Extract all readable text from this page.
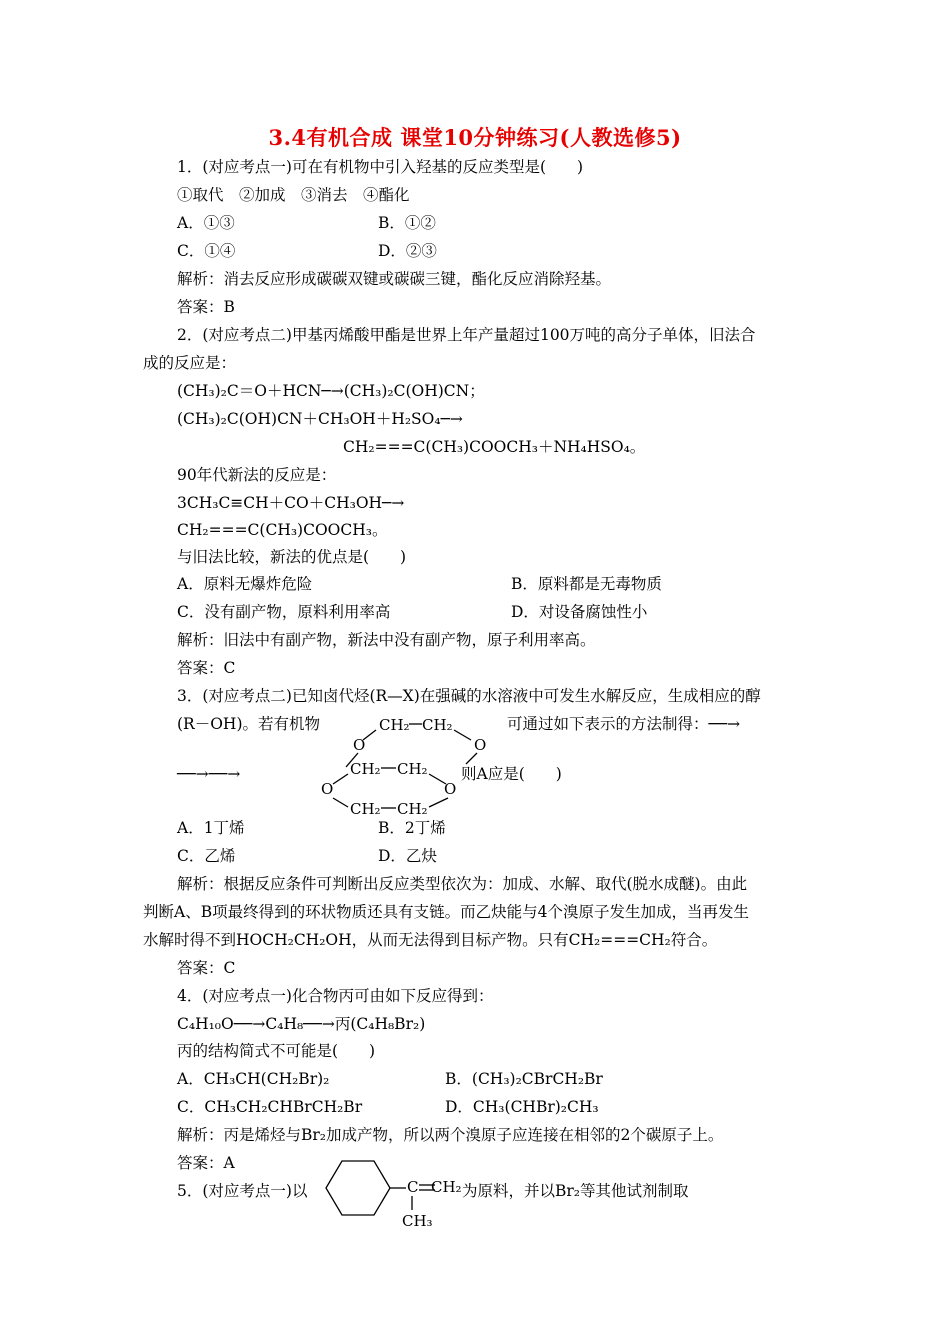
3.4有机合成 课堂10分钟练习(人教选修5)
1．(对应考点一)可在有机物中引入羟基的反应类型是(　　)
①取代　②加成　③消去　④酯化
A．①③	B．①②
C．①④	D．②③
解析：消去反应形成碳碳双键或碳碳三键，酯化反应消除羟基。
答案：B
2．(对应考点二)甲基丙烯酸甲酯是世界上年产量超过100万吨的高分子单体，旧法合
成的反应是：
(CH₃)₂C＝O＋HCN─→(CH₃)₂C(OH)CN；
(CH₃)₂C(OH)CN＋CH₃OH＋H₂SO₄─→
CH₂===C(CH₃)COOCH₃＋NH₄HSO₄。
90年代新法的反应是：
3CH₃C≡CH＋CO＋CH₃OH─→
CH₂===C(CH₃)COOCH₃。
与旧法比较，新法的优点是(　　)
A．原料无爆炸危险	B．原料都是无毒物质
C．没有副产物，原料利用率高	D．对设备腐蚀性小
解析：旧法中有副产物，新法中没有副产物，原子利用率高。
答案：C
3．(对应考点二)已知卤代烃(R—X)在强碱的水溶液中可发生水解反应，生成相应的醇
(R－OH)。若有机物	可通过如下表示的方法制得：──→
CH₂ CH₂
O	O
CH₂ CH₂
O	O
CH₂ CH₂
──→──→	则A应是(　　)
A．1丁烯	B．2丁烯
C．乙烯	D．乙炔
解析：根据反应条件可判断出反应类型依次为：加成、水解、取代(脱水成醚)。由此
判断A、B项最终得到的环状物质还具有支链。而乙炔能与4个溴原子发生加成，当再发生
水解时得不到HOCH₂CH₂OH，从而无法得到目标产物。只有CH₂===CH₂符合。
答案：C
4．(对应考点一)化合物丙可由如下反应得到：
C₄H₁₀O──→C₄H₈──→丙(C₄H₈Br₂)
丙的结构简式不可能是(　　)
A．CH₃CH(CH₂Br)₂	B．(CH₃)₂CBrCH₂Br
C．CH₃CH₂CHBrCH₂Br	D．CH₃(CHBr)₂CH₃
解析：丙是烯烃与Br₂加成产物，所以两个溴原子应连接在相邻的2个碳原子上。
答案：A
5．(对应考点一)以	为原料，并以Br₂等其他试剂制取
C CH₂
CH₃
